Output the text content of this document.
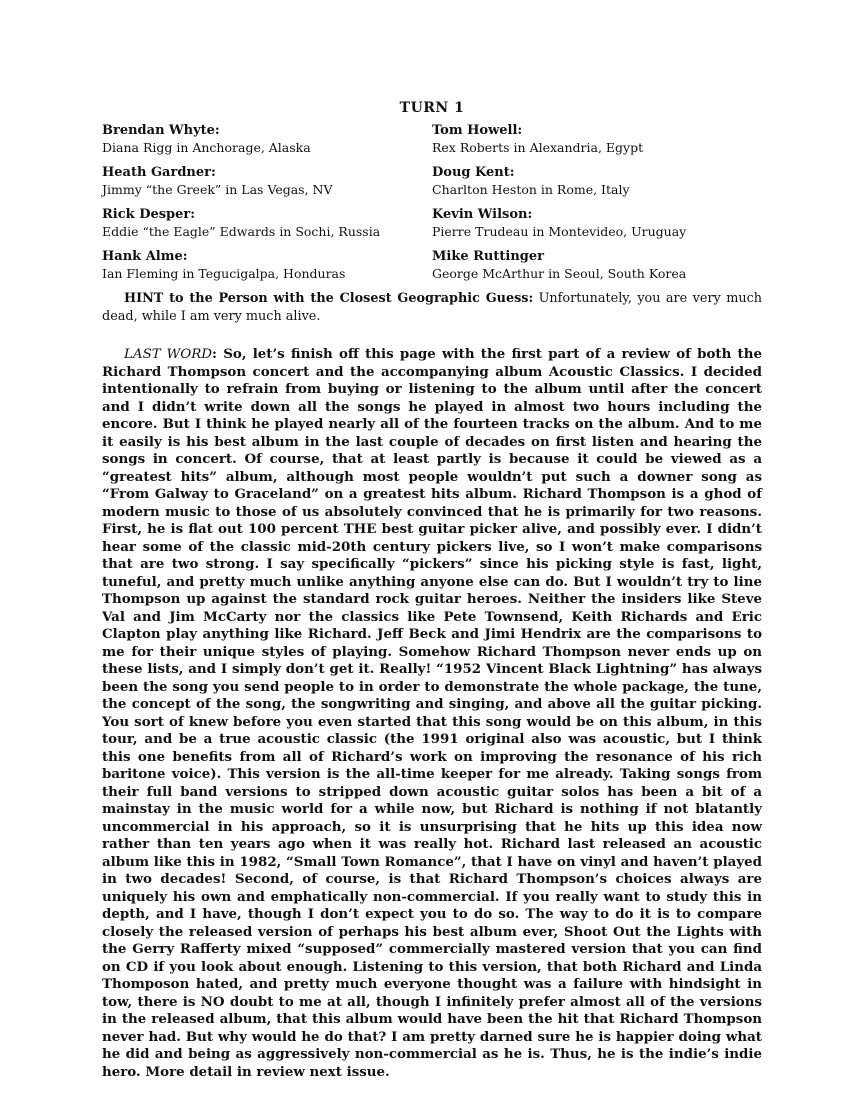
TURN 1
Brendan Whyte:
Diana Rigg in Anchorage, Alaska
Tom Howell:
Rex Roberts in Alexandria, Egypt
Heath Gardner:
Jimmy “the Greek” in Las Vegas, NV
Doug Kent:
Charlton Heston in Rome, Italy
Rick Desper:
Eddie “the Eagle” Edwards in Sochi, Russia
Kevin Wilson:
Pierre Trudeau in Montevideo, Uruguay
Hank Alme:
Ian Fleming in Tegucigalpa, Honduras
Mike Ruttinger
George McArthur in Seoul, South Korea

HINT to the Person with the Closest Geographic Guess: Unfortunately, you are very much dead, while I am very much alive.

LAST WORD: So, let’s finish off this page with the first part of a review of both the Richard Thompson concert and the accompanying album Acoustic Classics. I decided intentionally to refrain from buying or listening to the album until after the concert and I didn’t write down all the songs he played in almost two hours including the encore. But I think he played nearly all of the fourteen tracks on the album. And to me it easily is his best album in the last couple of decades on first listen and hearing the songs in concert. Of course, that at least partly is because it could be viewed as a “greatest hits” album, although most people wouldn’t put such a downer song as “From Galway to Graceland” on a greatest hits album. Richard Thompson is a ghod of modern music to those of us absolutely convinced that he is primarily for two reasons. First, he is flat out 100 percent THE best guitar picker alive, and possibly ever. I didn’t hear some of the classic mid-20th century pickers live, so I won’t make comparisons that are two strong. I say specifically “pickers” since his picking style is fast, light, tuneful, and pretty much unlike anything anyone else can do. But I wouldn’t try to line Thompson up against the standard rock guitar heroes. Neither the insiders like Steve Val and Jim McCarty nor the classics like Pete Townsend, Keith Richards and Eric Clapton play anything like Richard. Jeff Beck and Jimi Hendrix are the comparisons to me for their unique styles of playing. Somehow Richard Thompson never ends up on these lists, and I simply don’t get it. Really! “1952 Vincent Black Lightning” has always been the song you send people to in order to demonstrate the whole package, the tune, the concept of the song, the songwriting and singing, and above all the guitar picking. You sort of knew before you even started that this song would be on this album, in this tour, and be a true acoustic classic (the 1991 original also was acoustic, but I think this one benefits from all of Richard’s work on improving the resonance of his rich baritone voice). This version is the all-time keeper for me already. Taking songs from their full band versions to stripped down acoustic guitar solos has been a bit of a mainstay in the music world for a while now, but Richard is nothing if not blatantly uncommercial in his approach, so it is unsurprising that he hits up this idea now rather than ten years ago when it was really hot. Richard last released an acoustic album like this in 1982, “Small Town Romance”, that I have on vinyl and haven’t played in two decades! Second, of course, is that Richard Thompson’s choices always are uniquely his own and emphatically non-commercial. If you really want to study this in depth, and I have, though I don’t expect you to do so. The way to do it is to compare closely the released version of perhaps his best album ever, Shoot Out the Lights with the Gerry Rafferty mixed “supposed” commercially mastered version that you can find on CD if you look about enough. Listening to this version, that both Richard and Linda Thomposon hated, and pretty much everyone thought was a failure with hindsight in tow, there is NO doubt to me at all, though I infinitely prefer almost all of the versions in the released album, that this album would have been the hit that Richard Thompson never had. But why would he do that? I am pretty darned sure he is happier doing what he did and being as aggressively non-commercial as he is. Thus, he is the indie’s indie hero. More detail in review next issue.
